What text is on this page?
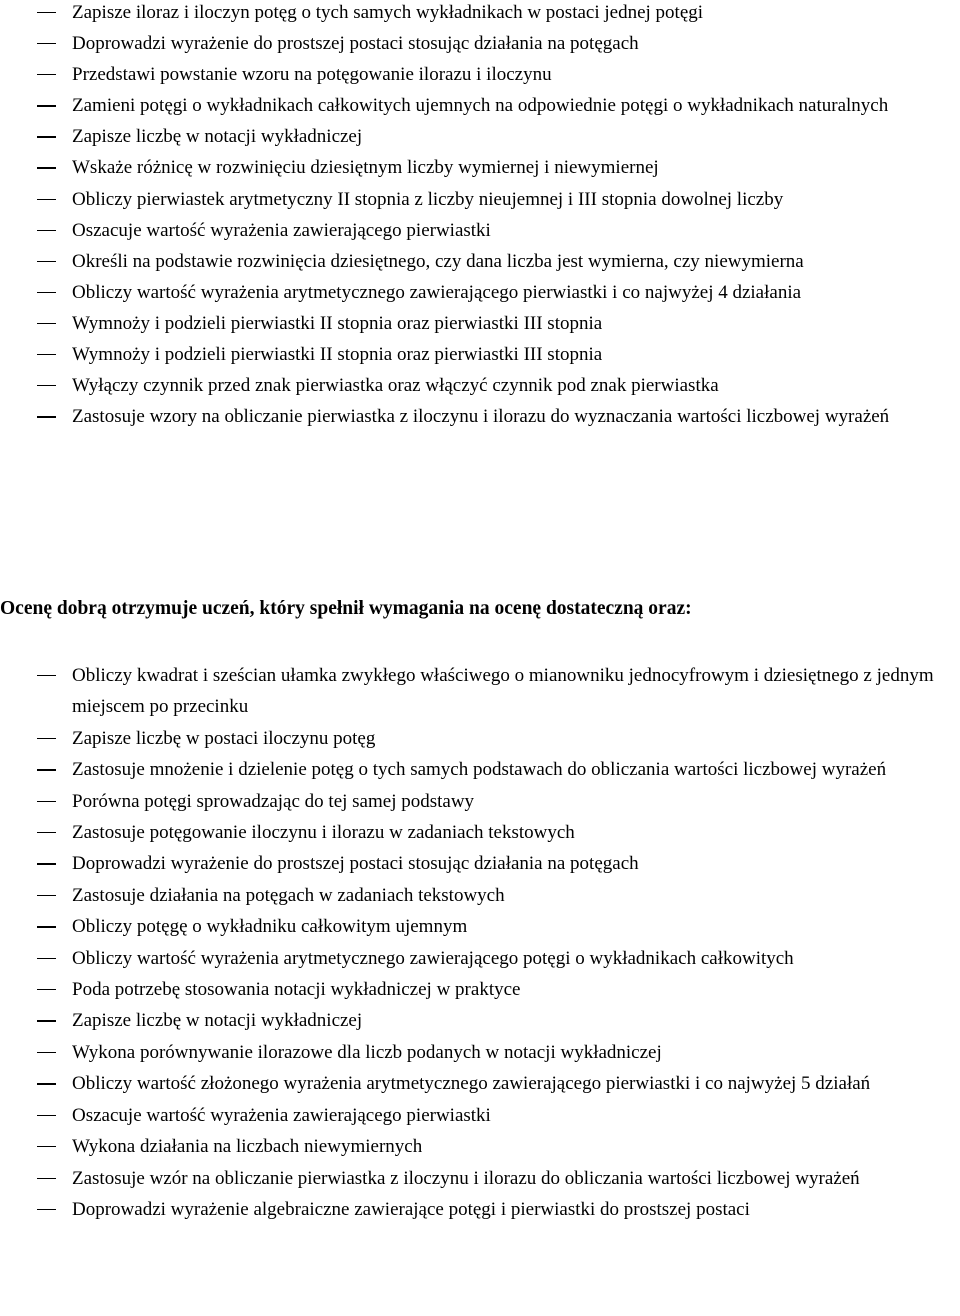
Zapisze iloraz i iloczyn potęg o tych samych wykładnikach w postaci jednej potęgi
Doprowadzi wyrażenie do prostszej postaci stosując działania na potęgach
Przedstawi powstanie wzoru na potęgowanie ilorazu i iloczynu
Zamieni potęgi o wykładnikach całkowitych ujemnych na odpowiednie potęgi o wykładnikach naturalnych
Zapisze liczbę w notacji wykładniczej
Wskaże różnicę w rozwinięciu dziesiętnym liczby wymiernej i niewymiernej
Obliczy pierwiastek arytmetyczny II stopnia z liczby nieujemnej i III stopnia dowolnej liczby
Oszacuje wartość wyrażenia zawierającego pierwiastki
Określi na podstawie rozwinięcia dziesiętnego, czy dana liczba jest wymierna, czy niewymierna
Obliczy wartość wyrażenia arytmetycznego zawierającego pierwiastki i co najwyżej 4 działania
Wymnoży i podzieli pierwiastki II stopnia oraz pierwiastki III stopnia
Wymnoży i podzieli pierwiastki II stopnia oraz pierwiastki III stopnia
Wyłączy czynnik przed znak pierwiastka oraz włączyć czynnik pod znak pierwiastka
Zastosuje wzory na obliczanie pierwiastka z iloczynu i ilorazu do wyznaczania wartości liczbowej wyrażeń

Ocenę dobrą otrzymuje uczeń, który spełnił wymagania na ocenę dostateczną oraz:

Obliczy kwadrat i sześcian ułamka zwykłego właściwego o mianowniku jednocyfrowym i dziesiętnego z jednym miejscem po przecinku
Zapisze liczbę w postaci iloczynu potęg
Zastosuje mnożenie i dzielenie potęg o tych samych podstawach do obliczania wartości liczbowej wyrażeń
Porówna potęgi sprowadzając do tej samej podstawy
Zastosuje potęgowanie iloczynu i ilorazu w zadaniach tekstowych
Doprowadzi wyrażenie do prostszej postaci stosując działania na potęgach
Zastosuje działania na potęgach w zadaniach tekstowych
Obliczy potęgę o wykładniku całkowitym ujemnym
Obliczy wartość wyrażenia arytmetycznego zawierającego potęgi o wykładnikach całkowitych
Poda potrzebę stosowania notacji wykładniczej w praktyce
Zapisze liczbę w notacji wykładniczej
Wykona porównywanie ilorazowe dla liczb podanych w notacji wykładniczej
Obliczy wartość złożonego wyrażenia arytmetycznego zawierającego pierwiastki i co najwyżej 5 działań
Oszacuje wartość wyrażenia zawierającego pierwiastki
Wykona działania na liczbach niewymiernych
Zastosuje wzór na obliczanie pierwiastka z iloczynu i ilorazu do obliczania wartości liczbowej wyrażeń
Doprowadzi wyrażenie algebraiczne zawierające potęgi i pierwiastki do prostszej postaci
